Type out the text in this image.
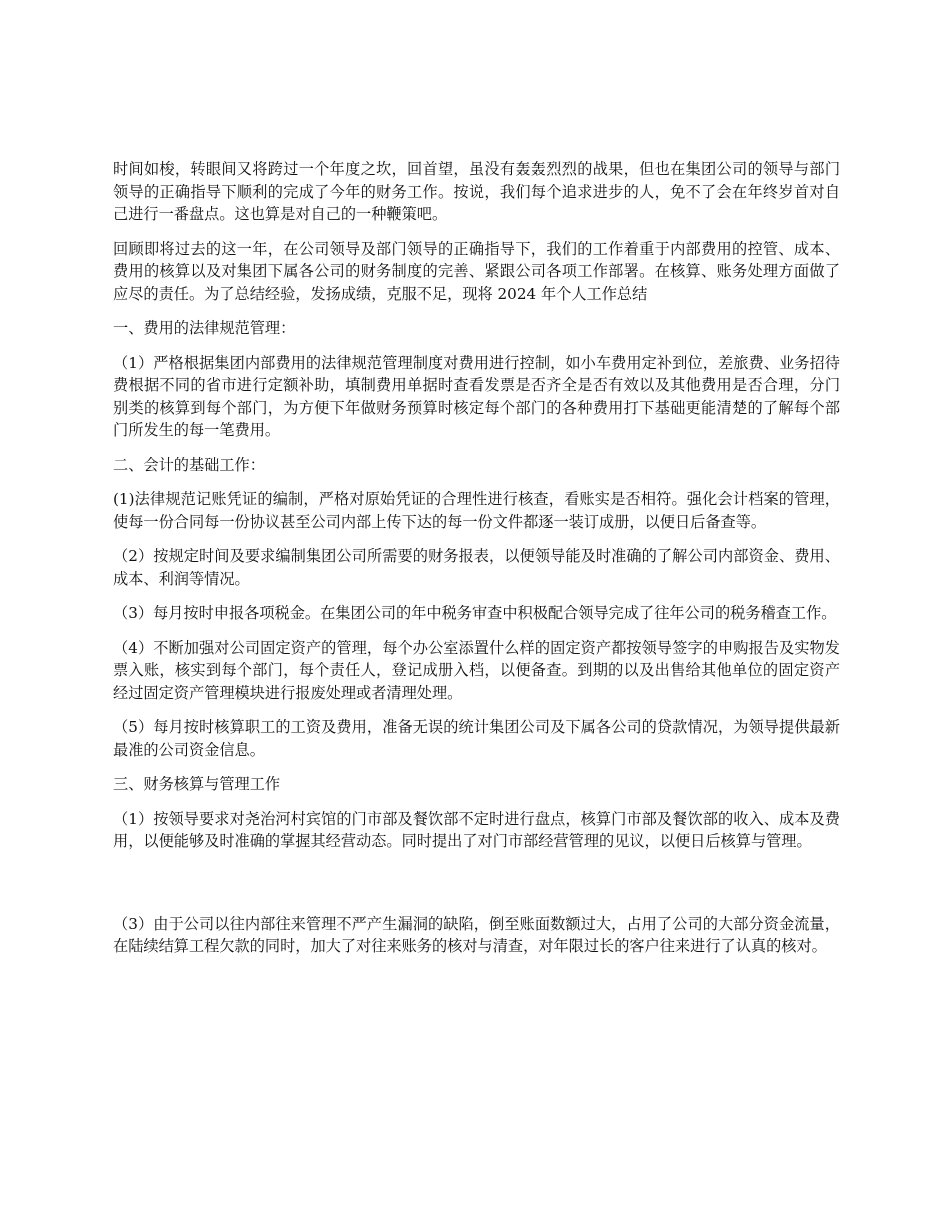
时间如梭，转眼间又将跨过一个年度之坎，回首望，虽没有轰轰烈烈的战果，但也在集团公司的领导与部门领导的正确指导下顺利的完成了今年的财务工作。按说，我们每个追求进步的人，免不了会在年终岁首对自己进行一番盘点。这也算是对自己的一种鞭策吧。

回顾即将过去的这一年，在公司领导及部门领导的正确指导下，我们的工作着重于内部费用的控管、成本、费用的核算以及对集团下属各公司的财务制度的完善、紧跟公司各项工作部署。在核算、账务处理方面做了应尽的责任。为了总结经验，发扬成绩，克服不足，现将 2024 年个人工作总结

一、费用的法律规范管理：

（1）严格根据集团内部费用的法律规范管理制度对费用进行控制，如小车费用定补到位，差旅费、业务招待费根据不同的省市进行定额补助，填制费用单据时查看发票是否齐全是否有效以及其他费用是否合理，分门别类的核算到每个部门，为方便下年做财务预算时核定每个部门的各种费用打下基础更能清楚的了解每个部门所发生的每一笔费用。

二、会计的基础工作：

(1)法律规范记账凭证的编制，严格对原始凭证的合理性进行核查，看账实是否相符。强化会计档案的管理，使每一份合同每一份协议甚至公司内部上传下达的每一份文件都逐一装订成册，以便日后备查等。

（2）按规定时间及要求编制集团公司所需要的财务报表，以便领导能及时准确的了解公司内部资金、费用、成本、利润等情况。

（3）每月按时申报各项税金。在集团公司的年中税务审查中积极配合领导完成了往年公司的税务稽查工作。

（4）不断加强对公司固定资产的管理，每个办公室添置什么样的固定资产都按领导签字的申购报告及实物发票入账，核实到每个部门，每个责任人，登记成册入档，以便备查。到期的以及出售给其他单位的固定资产经过固定资产管理模块进行报废处理或者清理处理。

（5）每月按时核算职工的工资及费用，准备无误的统计集团公司及下属各公司的贷款情况，为领导提供最新最准的公司资金信息。

三、财务核算与管理工作

（1）按领导要求对尧治河村宾馆的门市部及餐饮部不定时进行盘点，核算门市部及餐饮部的收入、成本及费用，以便能够及时准确的掌握其经营动态。同时提出了对门市部经营管理的见议，以便日后核算与管理。

（3）由于公司以往内部往来管理不严产生漏洞的缺陷，倒至账面数额过大，占用了公司的大部分资金流量，在陆续结算工程欠款的同时，加大了对往来账务的核对与清查，对年限过长的客户往来进行了认真的核对。
